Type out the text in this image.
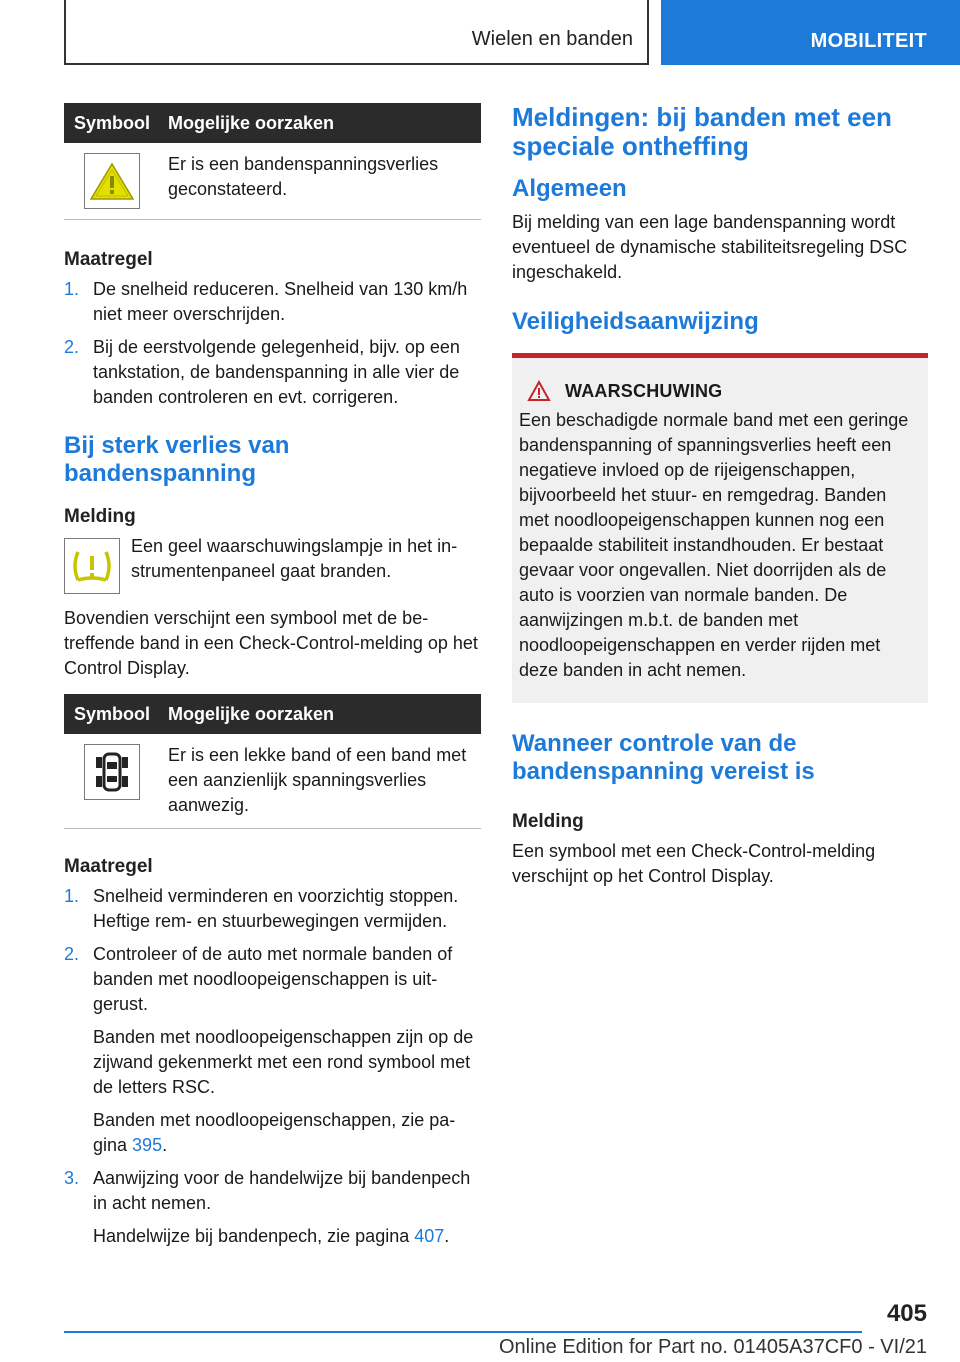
Wielen en banden	MOBILITEIT
Symbool	Mogelijke oorzaken
Er is een bandenspanningsverlies geconstateerd.
Maatregel
1. De snelheid reduceren. Snelheid van 130 km/h niet meer overschrijden.
2. Bij de eerstvolgende gelegenheid, bijv. op een tankstation, de bandenspanning in alle vier de banden controleren en evt. corrigeren.
Bij sterk verlies van bandenspanning
Melding
Een geel waarschuwingslampje in het instrumentenpaneel gaat branden.
Bovendien verschijnt een symbool met de betreffende band in een Check-Control-melding op het Control Display.
Symbool	Mogelijke oorzaken
Er is een lekke band of een band met een aanzienlijk spanningsverlies aanwezig.
Maatregel
1. Snelheid verminderen en voorzichtig stoppen. Heftige rem- en stuurbewegingen vermijden.
2. Controleer of de auto met normale banden of banden met noodloopeigenschappen is uitgerust.
Banden met noodloopeigenschappen zijn op de zijwand gekenmerkt met een rond symbool met de letters RSC.
Banden met noodloopeigenschappen, zie pagina 395.
3. Aanwijzing voor de handelwijze bij bandenpech in acht nemen.
Handelwijze bij bandenpech, zie pagina 407.
Meldingen: bij banden met een speciale ontheffing
Algemeen
Bij melding van een lage bandenspanning wordt eventueel de dynamische stabiliteitsregeling DSC ingeschakeld.
Veiligheidsaanwijzing
WAARSCHUWING
Een beschadigde normale band met een geringe bandenspanning of spanningsverlies heeft een negatieve invloed op de rijeigenschappen, bijvoorbeeld het stuur- en remgedrag. Banden met noodloopeigenschappen kunnen nog een bepaalde stabiliteit instandhouden. Er bestaat gevaar voor ongevallen. Niet doorrijden als de auto is voorzien van normale banden. De aanwijzingen m.b.t. de banden met noodloopeigenschappen en verder rijden met deze banden in acht nemen.
Wanneer controle van de bandenspanning vereist is
Melding
Een symbool met een Check-Control-melding verschijnt op het Control Display.
405
Online Edition for Part no. 01405A37CF0 - VI/21
